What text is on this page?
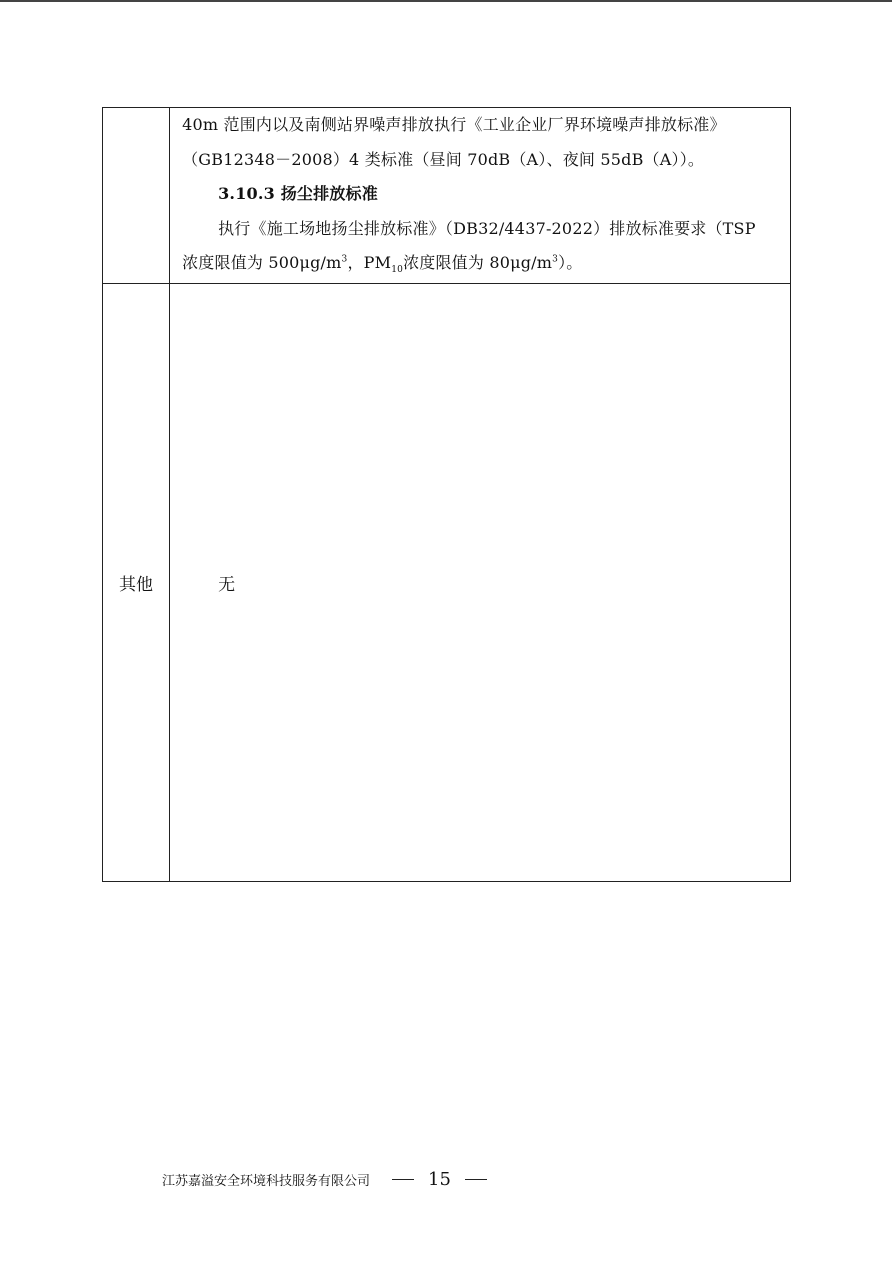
	40m 范围内以及南侧站界噪声排放执行《工业企业厂界环境噪声排放标准》

（GB12348－2008）4 类标准（昼间 70dB（A）、夜间 55dB（A））。

3.10.3 扬尘排放标准

执行《施工场地扬尘排放标准》（DB32/4437-2022）排放标准要求（TSP

浓度限值为 $500\mu g/m^3$，$PM_{10}$浓度限值为 $80\mu g/m^3$）。

其他	无
江苏嘉溢安全环境科技服务有限公司	15
